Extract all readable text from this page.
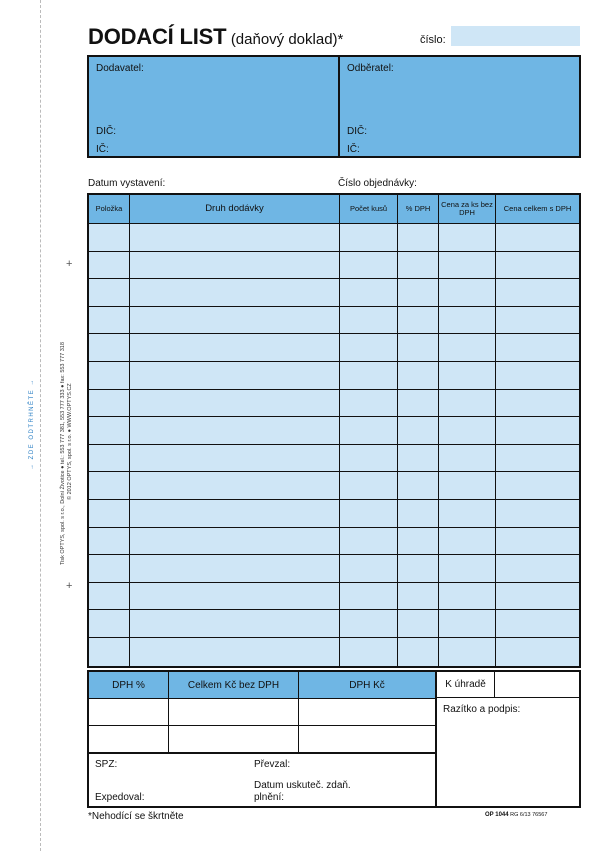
→ ZDE ODTRHNĚTE →	Tisk OPTYS, spol. s r.o., Dolní Životice ● tel.: 553 777 381, 553 777 333 ● fax: 553 777 318 © 2012 OPTYS, spol. s r.o. ● WWW.OPTYS.CZ
+
+
DODACÍ LIST (daňový doklad)*	číslo:
Dodavatel:
DIČ:
IČ:
Odběratel:
DIČ:
IČ:
Datum vystavení:	Číslo objednávky:
Položka	Druh dodávky	Počet kusů	% DPH	Cena za ks bez DPH	Cena celkem s DPH
DPH %	Celkem Kč bez DPH	DPH Kč	K úhradě
Razítko a podpis:
SPZ:	Převzal:
Expedoval:
Datum uskuteč. zdaň. plnění:
*Nehodící se škrtněte	OP 1044 RG 6/13 76567
